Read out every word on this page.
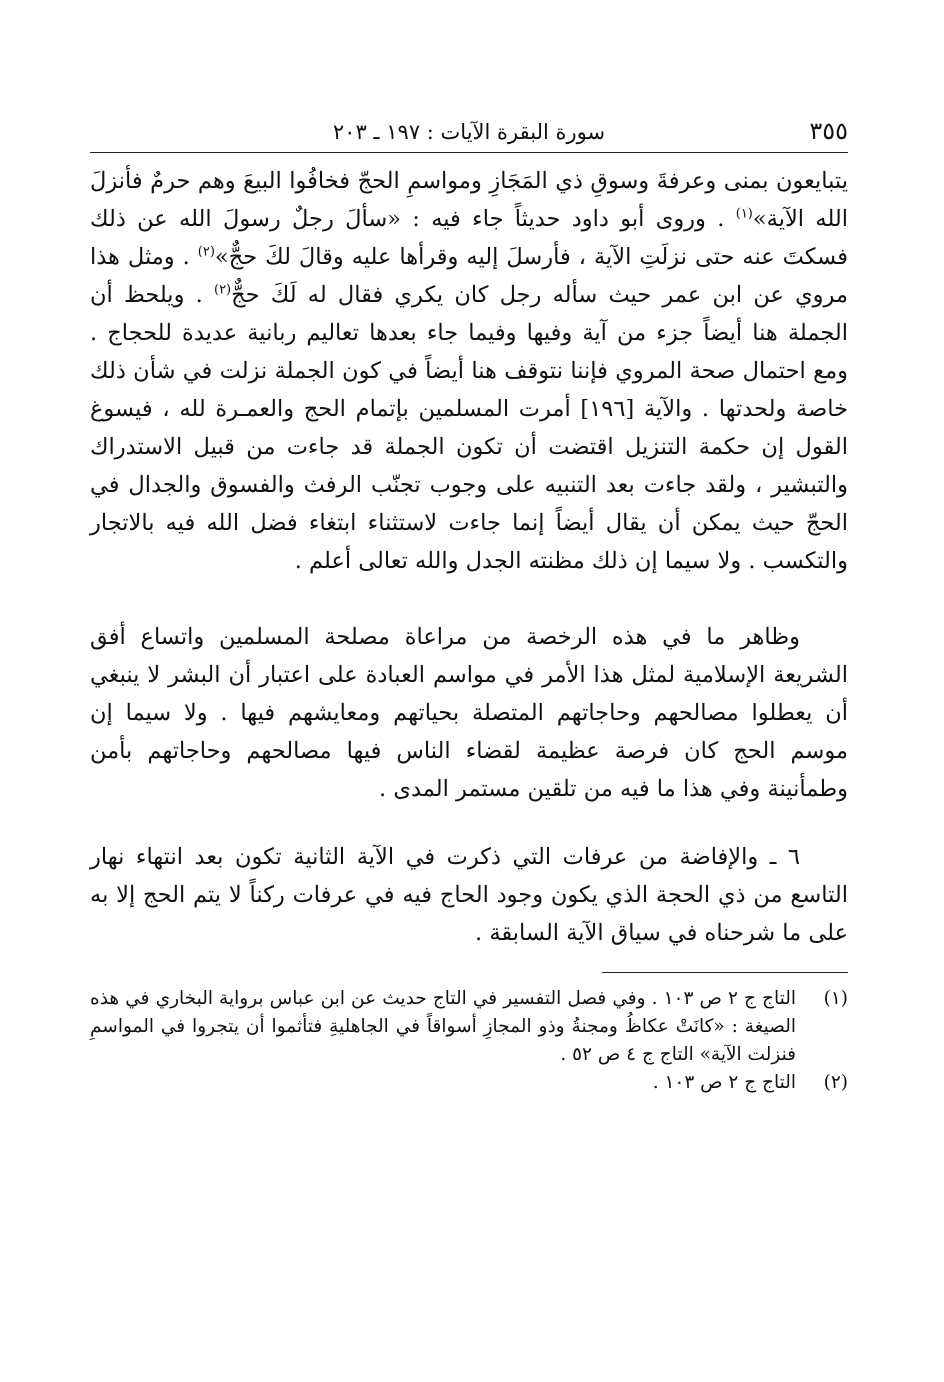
٣٥٥
سورة البقرة الآيات : ١٩٧ ـ ٢٠٣

يتبايعون بمنى وعرفةَ وسوقِ ذي المَجَازِ ومواسمِ الحجّ فخافُوا البيعَ وهم حرمٌ فأنزلَ الله الآية»$^{(١)}$ . وروى أبو داود حديثاً جاء فيه : «سألَ رجلٌ رسولَ الله عن ذلك فسكتَ عنه حتى نزلَتِ الآية ، فأرسلَ إليه وقرأها عليه وقالَ لكَ حجٌّ»$^{(٢)}$ . ومثل هذا مروي عن ابن عمر حيث سأله رجل كان يكري فقال له لَكَ حجٌّ$^{(٢)}$ . ويلحظ أن الجملة هنا أيضاً جزء من آية وفيها وفيما جاء بعدها تعاليم ربانية عديدة للحجاج . ومع احتمال صحة المروي فإننا نتوقف هنا أيضاً في كون الجملة نزلت في شأن ذلك خاصة ولحدتها . والآية [١٩٦] أمرت المسلمين بإتمام الحج والعمـرة لله ، فيسوغ القول إن حكمة التنزيل اقتضت أن تكون الجملة قد جاءت من قبيل الاستدراك والتبشير ، ولقد جاءت بعد التنبيه على وجوب تجنّب الرفث والفسوق والجدال في الحجّ حيث يمكن أن يقال أيضاً إنما جاءت لاستثناء ابتغاء فضل الله فيه بالاتجار والتكسب . ولا سيما إن ذلك مظنته الجدل والله تعالى أعلم .

وظاهر ما في هذه الرخصة من مراعاة مصلحة المسلمين واتساع أفق الشريعة الإسلامية لمثل هذا الأمر في مواسم العبادة على اعتبار أن البشر لا ينبغي أن يعطلوا مصالحهم وحاجاتهم المتصلة بحياتهم ومعايشهم فيها . ولا سيما إن موسم الحج كان فرصة عظيمة لقضاء الناس فيها مصالحهم وحاجاتهم بأمن وطمأنينة وفي هذا ما فيه من تلقين مستمر المدى .

٦ ـ والإفاضة من عرفات التي ذكرت في الآية الثانية تكون بعد انتهاء نهار التاسع من ذي الحجة الذي يكون وجود الحاج فيه في عرفات ركناً لا يتم الحج إلا به على ما شرحناه في سياق الآية السابقة .

(١)
التاج ج ٢ ص ١٠٣ . وفي فصل التفسير في التاج حديث عن ابن عباس برواية البخاري في هذه الصيغة : «كانَتْ عكاظُ ومجنةُ وذو المجازِ أسواقاً في الجاهليةِ فتأثموا أن يتجروا في المواسمِ فنزلت الآية» التاج ج ٤ ص ٥٢ .

(٢)
التاج ج ٢ ص ١٠٣ .
